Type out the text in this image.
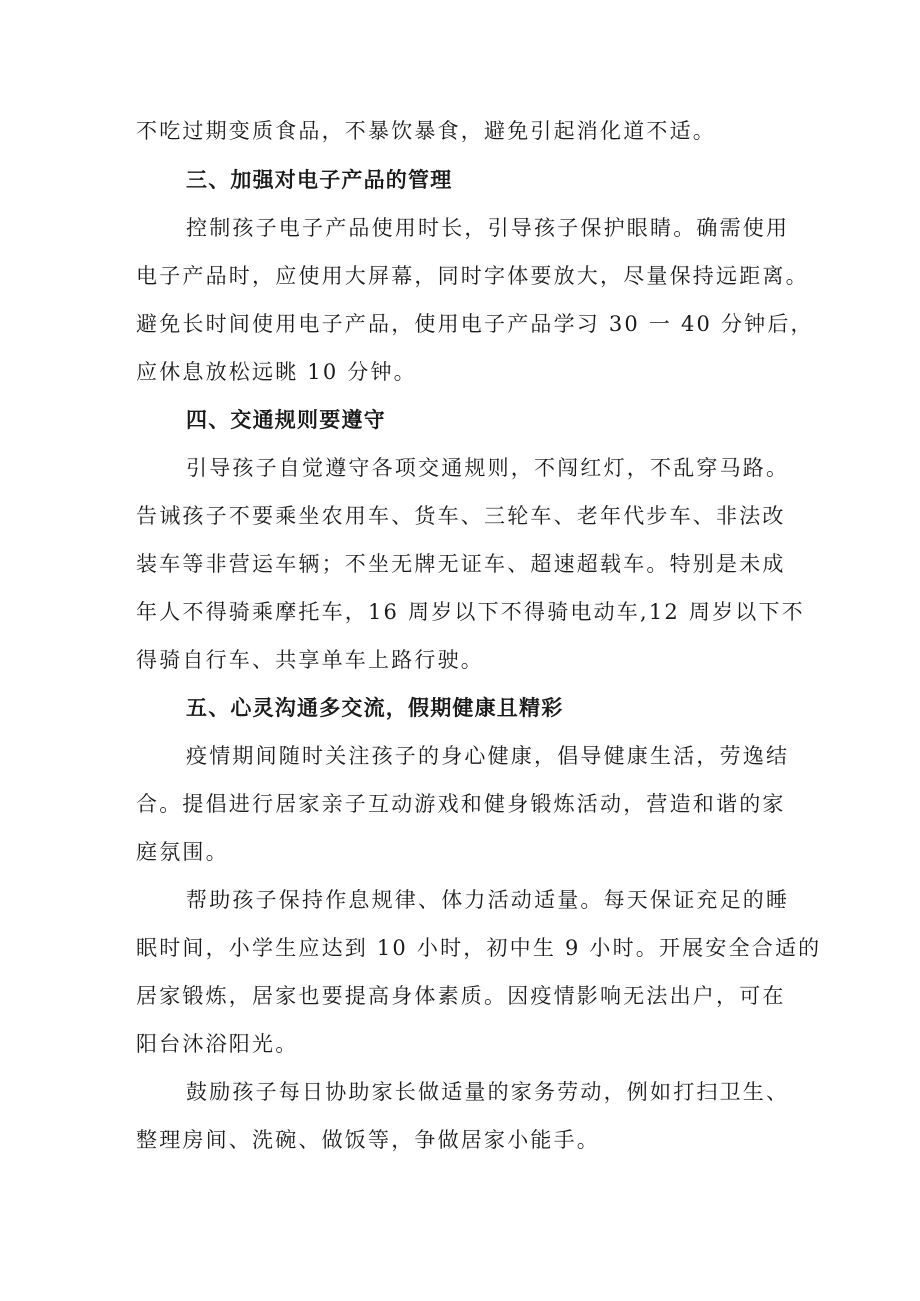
不吃过期变质食品，不暴饮暴食，避免引起消化道不适。
三、加强对电子产品的管理
控制孩子电子产品使用时长，引导孩子保护眼睛。确需使用
电子产品时，应使用大屏幕，同时字体要放大，尽量保持远距离。
避免长时间使用电子产品，使用电子产品学习 30 一 40 分钟后，
应休息放松远眺 10 分钟。
四、交通规则要遵守
引导孩子自觉遵守各项交通规则，不闯红灯，不乱穿马路。
告诫孩子不要乘坐农用车、货车、三轮车、老年代步车、非法改
装车等非营运车辆；不坐无牌无证车、超速超载车。特别是未成
年人不得骑乘摩托车，16 周岁以下不得骑电动车,12 周岁以下不
得骑自行车、共享单车上路行驶。
五、心灵沟通多交流，假期健康且精彩
疫情期间随时关注孩子的身心健康，倡导健康生活，劳逸结
合。提倡进行居家亲子互动游戏和健身锻炼活动，营造和谐的家
庭氛围。
帮助孩子保持作息规律、体力活动适量。每天保证充足的睡
眠时间，小学生应达到 10 小时，初中生 9 小时。开展安全合适的
居家锻炼，居家也要提高身体素质。因疫情影响无法出户，可在
阳台沐浴阳光。
鼓励孩子每日协助家长做适量的家务劳动，例如打扫卫生、
整理房间、洗碗、做饭等，争做居家小能手。
